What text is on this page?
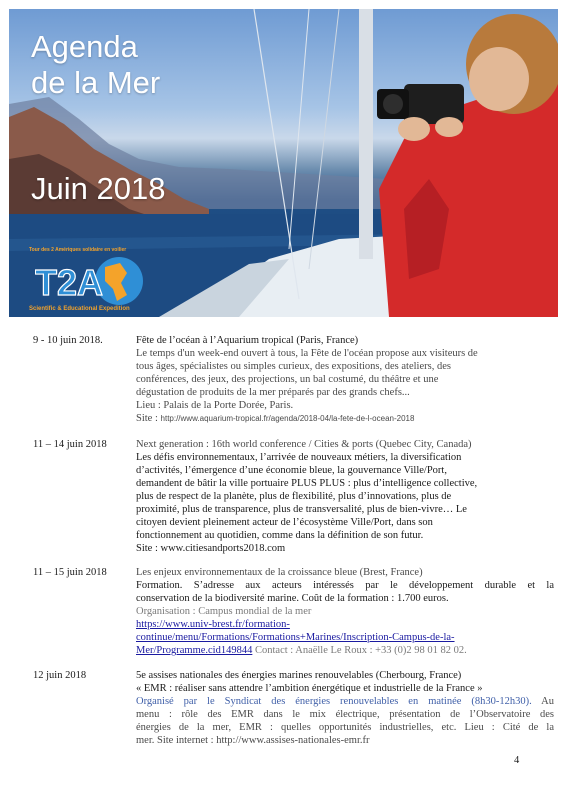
Agenda
de la Mer
Juin 2018
Tour des 2 Amériques solidaire en voilier
T2A
Scientific & Educational Expedition
9 - 10 juin 2018.	Fête de l’océan à l’Aquarium tropical (Paris, France)
Le temps d'un week-end ouvert à tous, la Fête de l'océan propose aux visiteurs de
tous âges, spécialistes ou simples curieux, des expositions, des ateliers, des
conférences, des jeux, des projections, un bal costumé, du théâtre et une
dégustation de produits de la mer préparés par des grands chefs...
Lieu : Palais de la Porte Dorée, Paris.
Site : http://www.aquarium-tropical.fr/agenda/2018-04/la-fete-de-l-ocean-2018
11 – 14 juin 2018	Next generation : 16th world conference / Cities & ports (Quebec City, Canada)
Les défis environnementaux, l’arrivée de nouveaux métiers, la diversification
d’activités, l’émergence d’une économie bleue, la gouvernance Ville/Port,
demandent de bâtir la ville portuaire PLUS PLUS : plus d’intelligence collective,
plus de respect de la planète, plus de flexibilité, plus d’innovations, plus de
proximité, plus de transparence, plus de transversalité, plus de bien-vivre… Le
citoyen devient pleinement acteur de l’écosystème Ville/Port, dans son
fonctionnement au quotidien, comme dans la définition de son futur.
Site : www.citiesandports2018.com
11 – 15 juin 2018	Les enjeux environnementaux de la croissance bleue (Brest, France)
Formation. S’adresse aux acteurs intéressés par le développement durable et la
conservation de la biodiversité marine. Coût de la formation : 1.700 euros.
Organisation : Campus mondial de la mer
https://www.univ-brest.fr/formation-
continue/menu/Formations/Formations+Marines/Inscription-Campus-de-la-
Mer/Programme.cid149844 Contact : Anaëlle Le Roux : +33 (0)2 98 01 82 02.
12 juin 2018	5e assises nationales des énergies marines renouvelables (Cherbourg, France)
« EMR : réaliser sans attendre l’ambition énergétique et industrielle de la France »
Organisé par le Syndicat des énergies renouvelables en matinée (8h30-12h30). Au
menu : rôle des EMR dans le mix électrique, présentation de l’Observatoire des
énergies de la mer, EMR : quelles opportunités industrielles, etc. Lieu : Cité de la
mer. Site internet : http://www.assises-nationales-emr.fr
4
